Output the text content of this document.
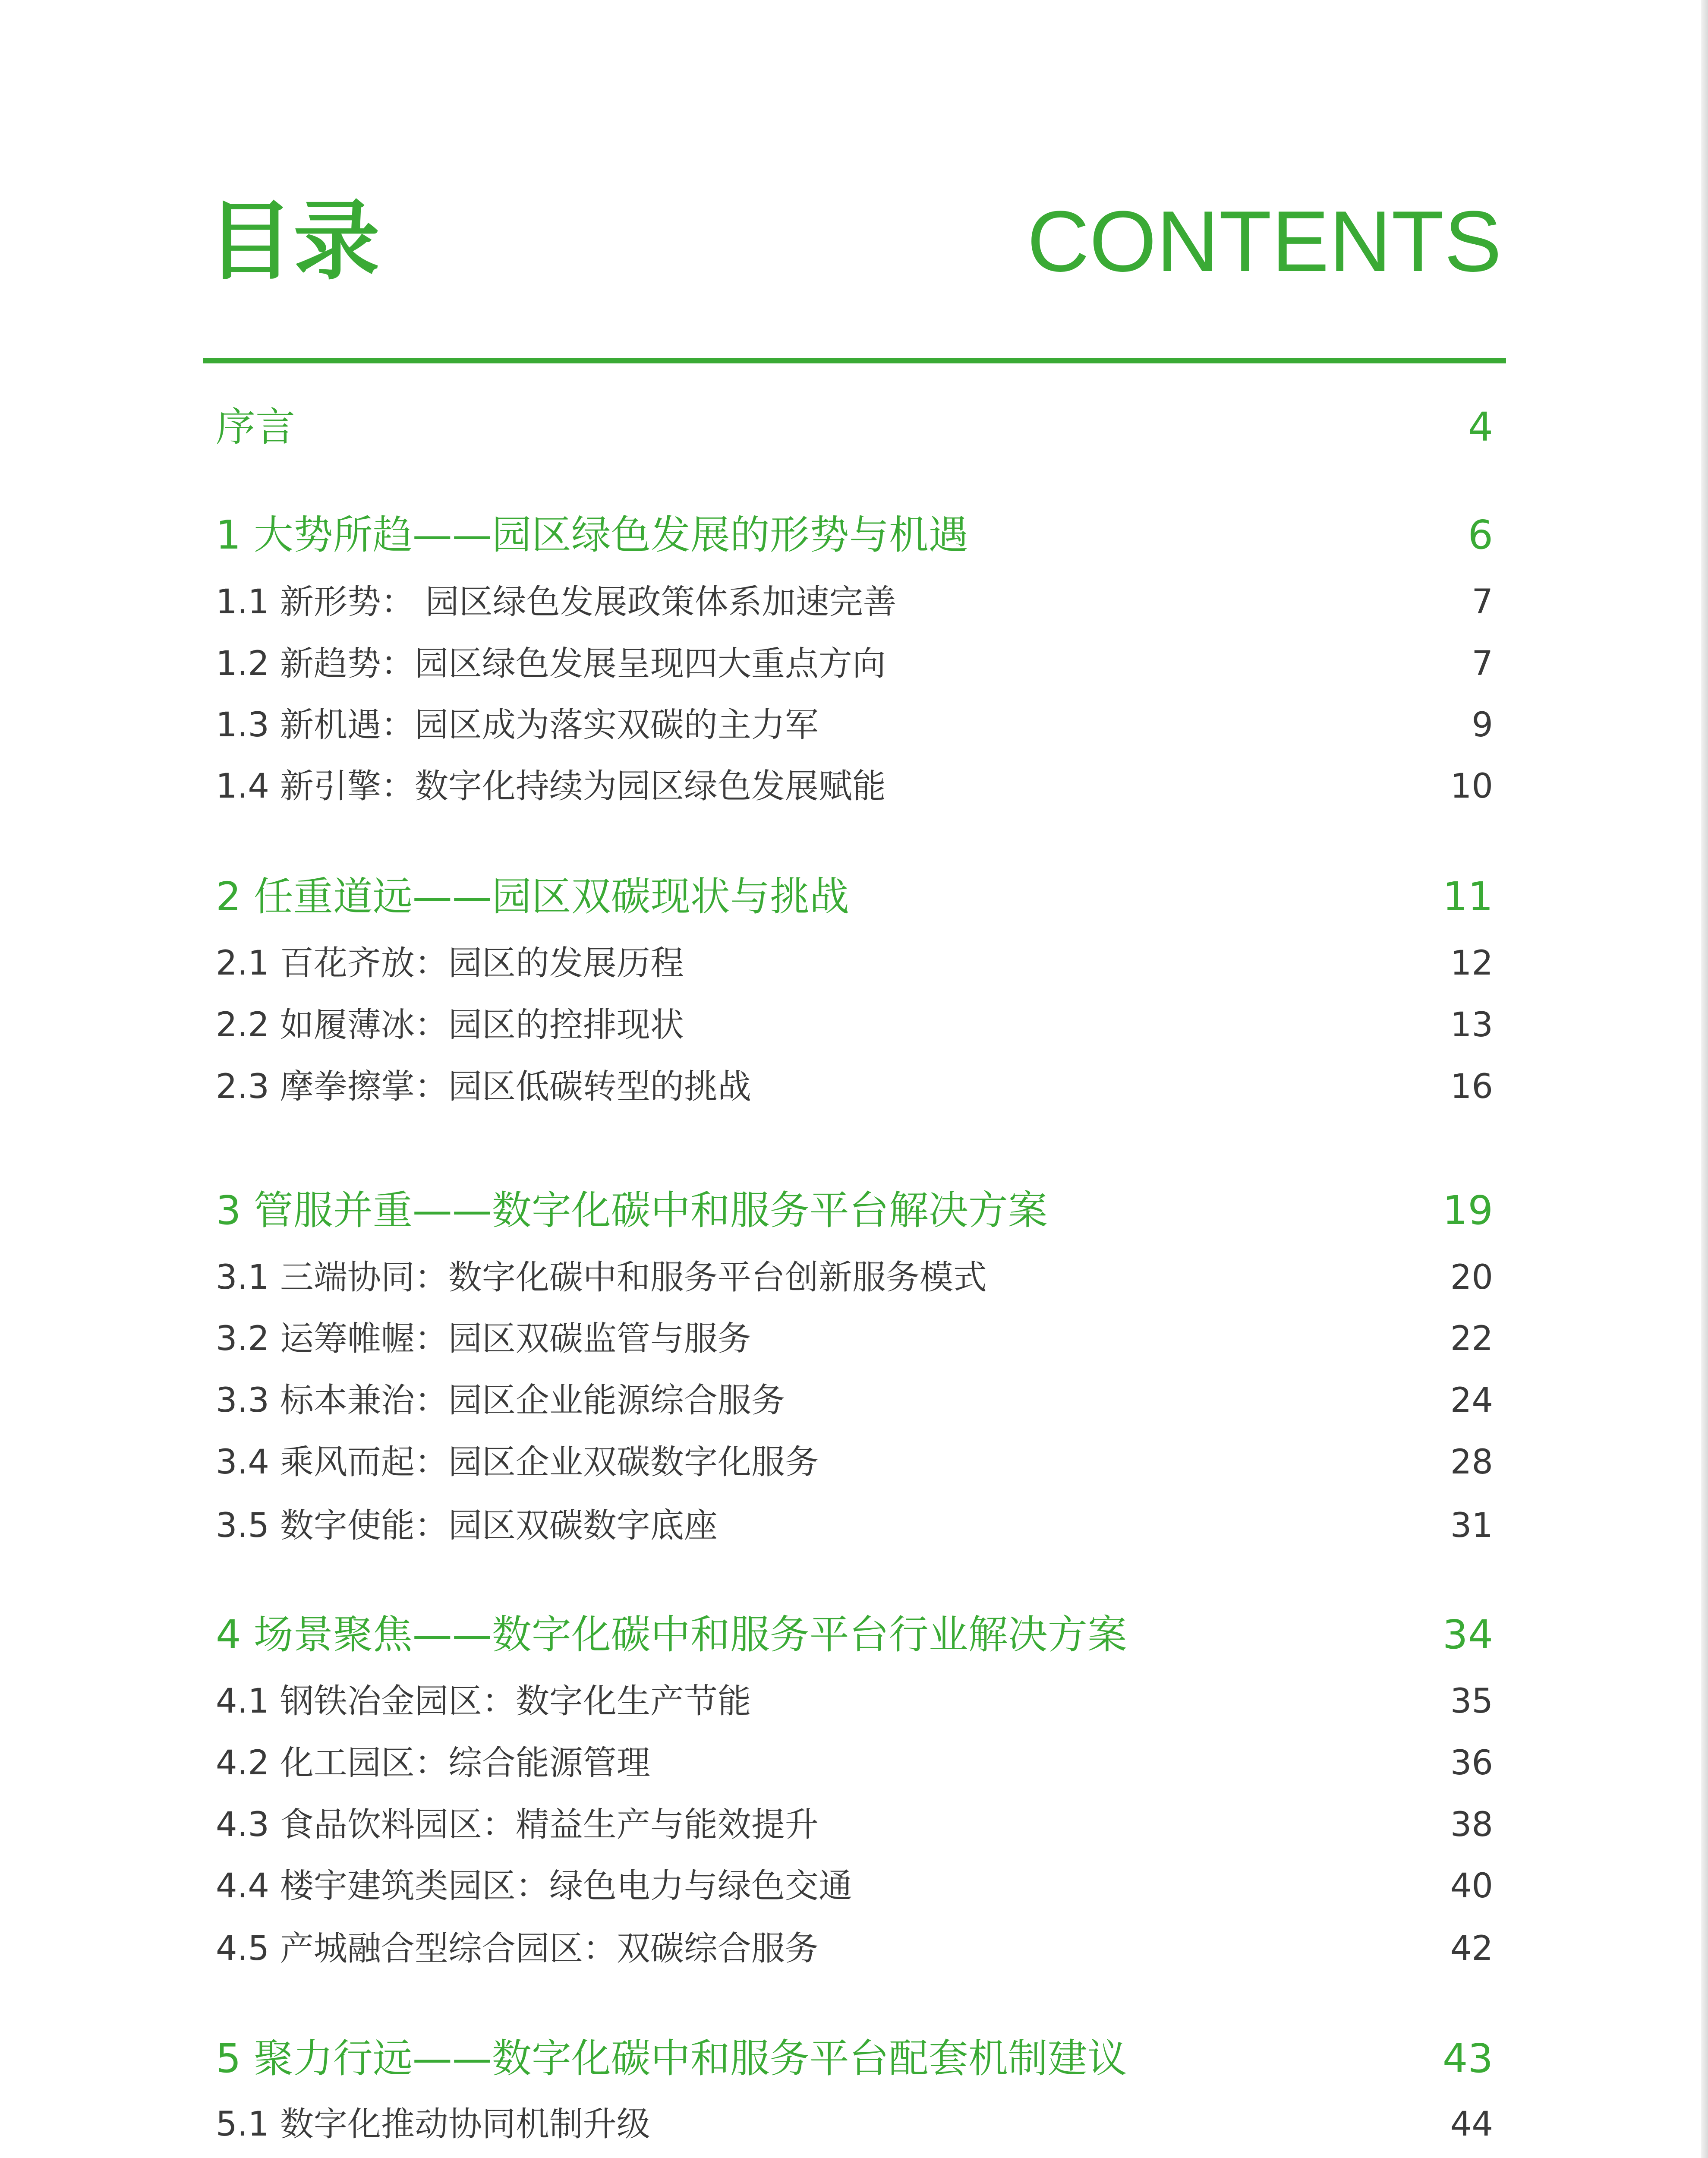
目录	CONTENTS
序言	4
1 大势所趋——园区绿色发展的形势与机遇	6
1.1 新形势： 园区绿色发展政策体系加速完善	7
1.2 新趋势：园区绿色发展呈现四大重点方向	7
1.3 新机遇：园区成为落实双碳的主力军	9
1.4 新引擎：数字化持续为园区绿色发展赋能	10
2 任重道远——园区双碳现状与挑战	11
2.1 百花齐放：园区的发展历程	12
2.2 如履薄冰：园区的控排现状	13
2.3 摩拳擦掌：园区低碳转型的挑战	16
3 管服并重——数字化碳中和服务平台解决方案	19
3.1 三端协同：数字化碳中和服务平台创新服务模式	20
3.2 运筹帷幄：园区双碳监管与服务	22
3.3 标本兼治：园区企业能源综合服务	24
3.4 乘风而起：园区企业双碳数字化服务	28
3.5 数字使能：园区双碳数字底座	31
4 场景聚焦——数字化碳中和服务平台行业解决方案	34
4.1 钢铁冶金园区：数字化生产节能	35
4.2 化工园区：综合能源管理	36
4.3 食品饮料园区：精益生产与能效提升	38
4.4 楼宇建筑类园区：绿色电力与绿色交通	40
4.5 产城融合型综合园区：双碳综合服务	42
5 聚力行远——数字化碳中和服务平台配套机制建议	43
5.1 数字化推动协同机制升级	44
